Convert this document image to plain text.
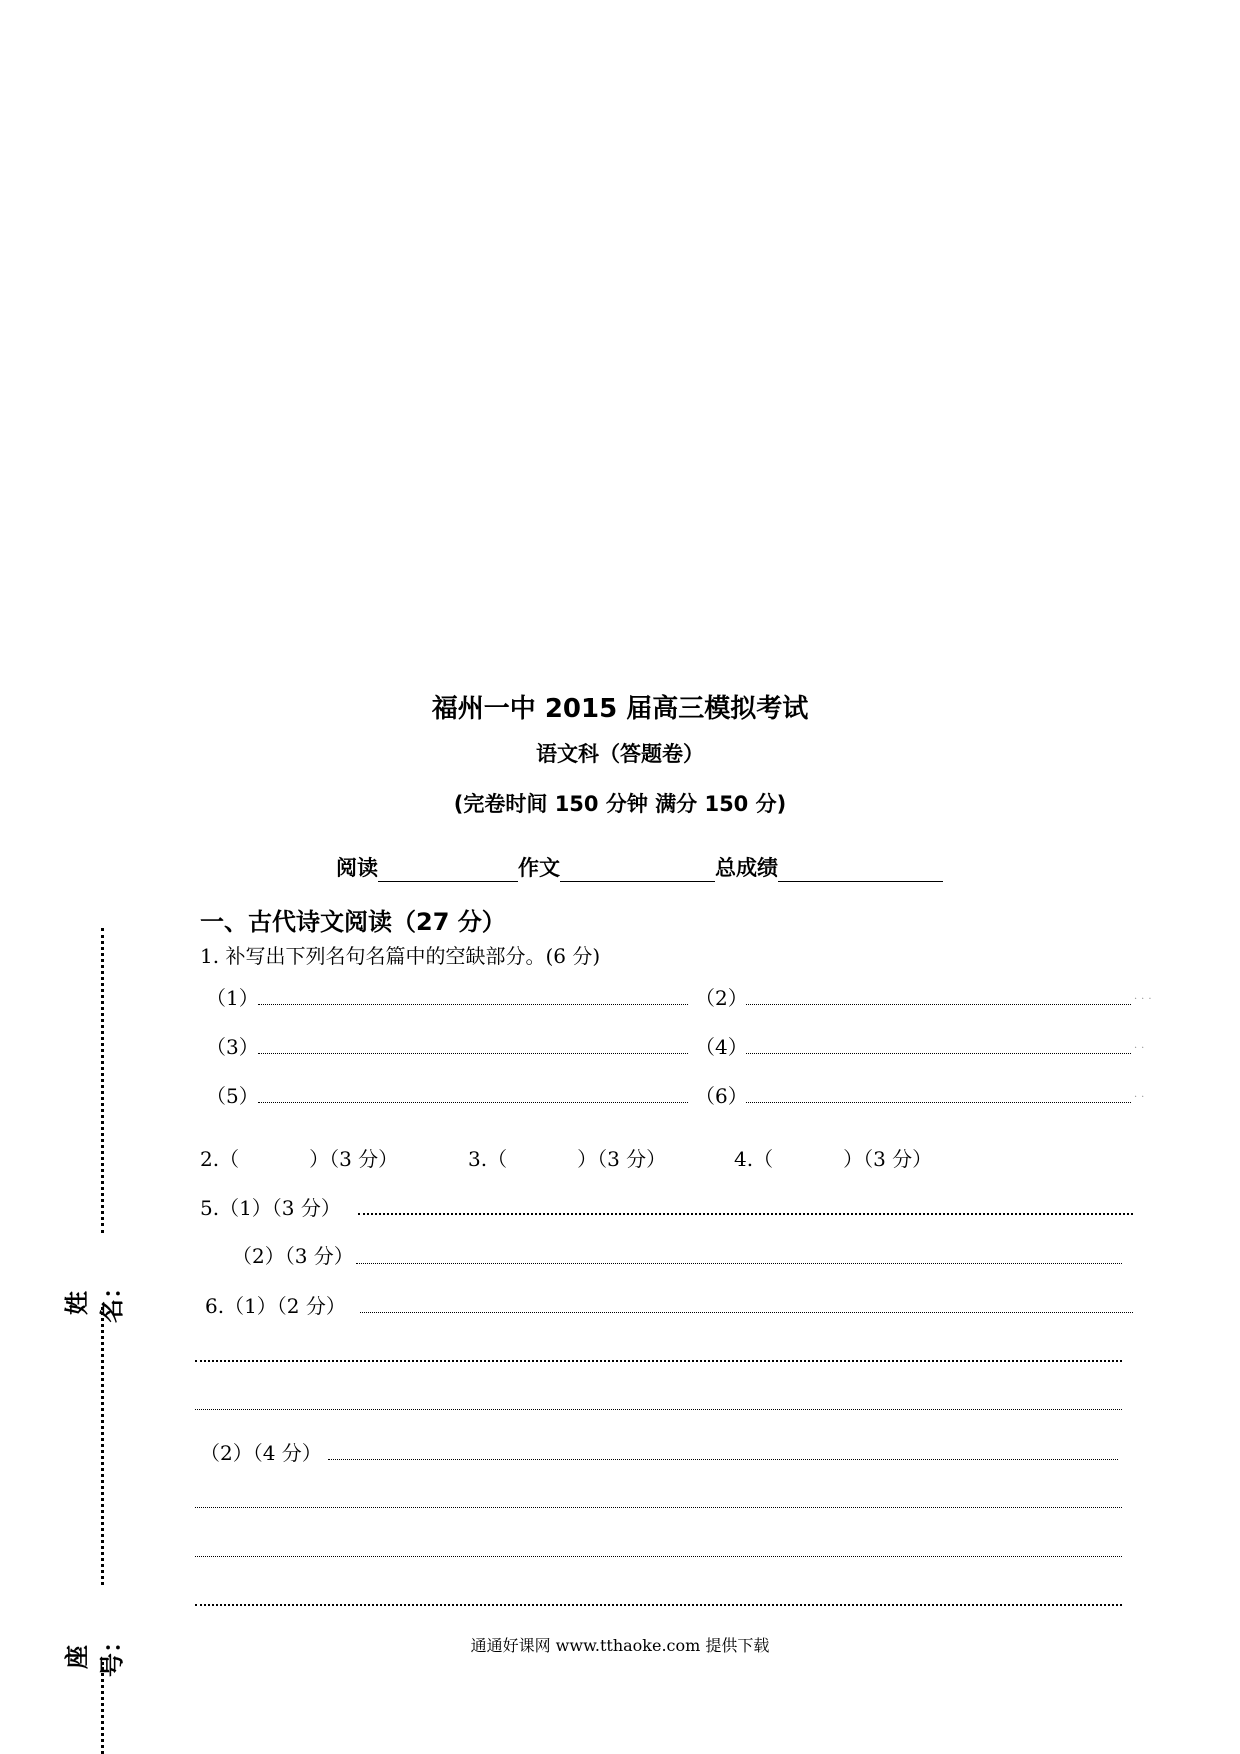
福州一中 2015 届高三模拟考试
语文科（答题卷）
(完卷时间 150 分钟 满分 150 分)
阅读	作文	总成绩
一、古代诗文阅读（27 分）
1. 补写出下列名句名篇中的空缺部分。(6 分)
（1）	（2）	···
（3）	（4）	··
（5）	（6）	··
2.（	）（3 分）	3.（	）（3 分）	4.（	）（3 分）
5.（1）（3 分）
（2）（3 分）
6.（1）（2 分）
（2）（4 分）
姓名：
座号：	通通好课网 www.tthaoke.com 提供下载
